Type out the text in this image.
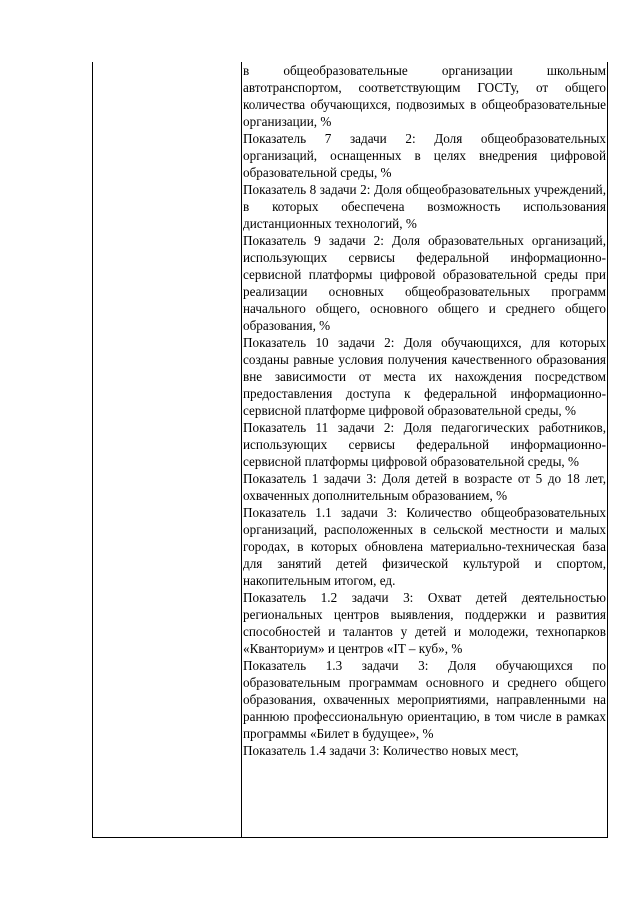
в общеобразовательные организации школьным автотранспортом, соответствующим ГОСТу, от общего количества обучающихся, подвозимых в общеобразовательные организации, %

Показатель 7 задачи 2: Доля общеобразовательных организаций, оснащенных в целях внедрения цифровой образовательной среды, %

Показатель 8 задачи 2: Доля общеобразовательных учреждений, в которых обеспечена возможность использования дистанционных технологий, %

Показатель 9 задачи 2: Доля образовательных организаций, использующих сервисы федеральной информационно-сервисной платформы цифровой образовательной среды при реализации основных общеобразовательных программ начального общего, основного общего и среднего общего образования, %

Показатель 10 задачи 2: Доля обучающихся, для которых созданы равные условия получения качественного образования вне зависимости от места их нахождения посредством предоставления доступа к федеральной информационно-сервисной платформе цифровой образовательной среды, %

Показатель 11 задачи 2: Доля педагогических работников, использующих сервисы федеральной информационно-сервисной платформы цифровой образовательной среды, %

Показатель 1 задачи 3: Доля детей в возрасте от 5 до 18 лет, охваченных дополнительным образованием, %

Показатель 1.1 задачи 3: Количество общеобразовательных организаций, расположенных в сельской местности и малых городах, в которых обновлена материально-техническая база для занятий детей физической культурой и спортом, накопительным итогом, ед.

Показатель 1.2 задачи 3: Охват детей деятельностью региональных центров выявления, поддержки и развития способностей и талантов у детей и молодежи, технопарков «Кванториум» и центров «IT – куб», %

Показатель 1.3 задачи 3: Доля обучающихся по образовательным программам основного и среднего общего образования, охваченных мероприятиями, направленными на раннюю профессиональную ориентацию, в том числе в рамках программы «Билет в будущее», %

Показатель 1.4 задачи 3: Количество новых мест,
